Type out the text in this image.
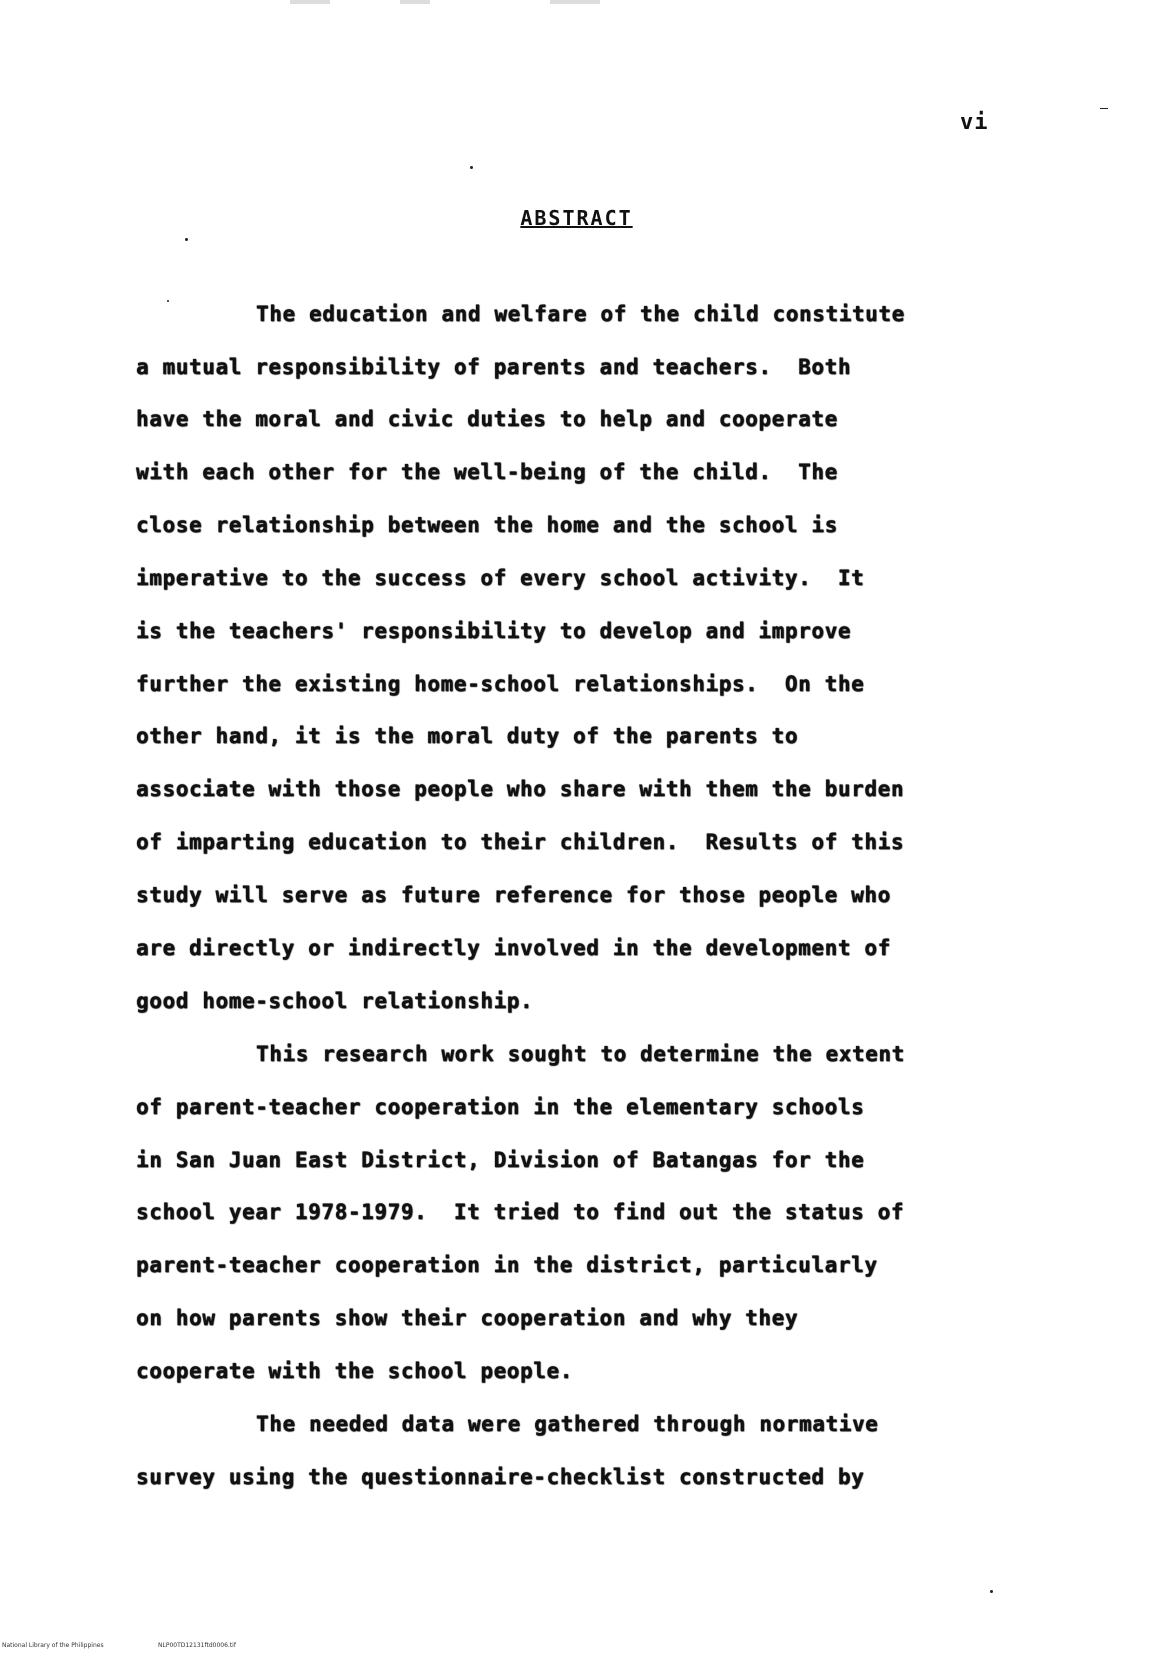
vi
ABSTRACT
The education and welfare of the child constitute
a mutual responsibility of parents and teachers.  Both
have the moral and civic duties to help and cooperate
with each other for the well-being of the child.  The
close relationship between the home and the school is
imperative to the success of every school activity.  It
is the teachers' responsibility to develop and improve
further the existing home-school relationships.  On the
other hand, it is the moral duty of the parents to
associate with those people who share with them the burden
of imparting education to their children.  Results of this
study will serve as future reference for those people who
are directly or indirectly involved in the development of
good home-school relationship.
This research work sought to determine the extent
of parent-teacher cooperation in the elementary schools
in San Juan East District, Division of Batangas for the
school year 1978-1979.  It tried to find out the status of
parent-teacher cooperation in the district, particularly
on how parents show their cooperation and why they
cooperate with the school people.
The needed data were gathered through normative
survey using the questionnaire-checklist constructed by
National Library of the Philippines	NLP00TD12131ftd0006.tif
